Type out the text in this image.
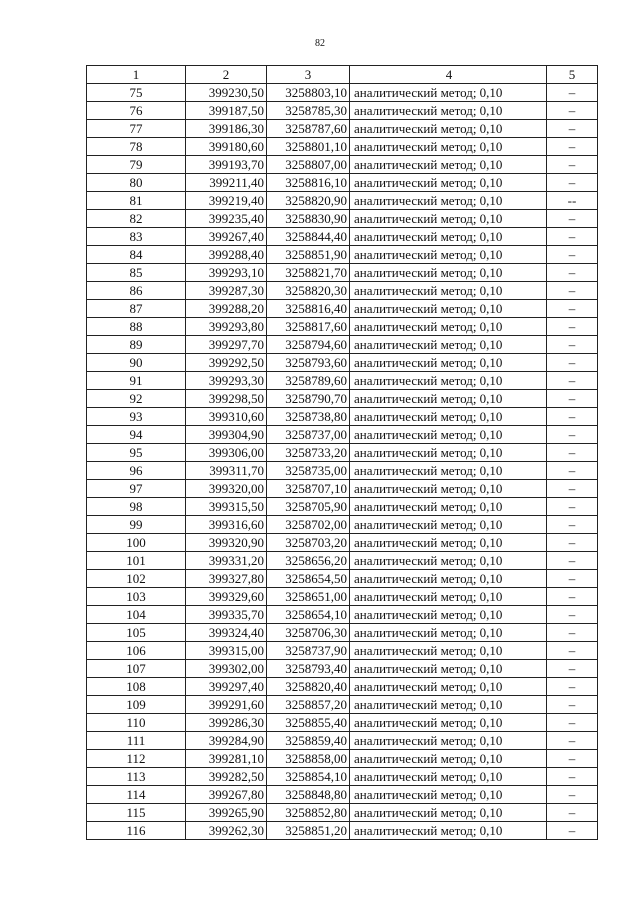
82
1	2	3	4	5
75	399230,50	3258803,10	аналитический метод; 0,10	–
76	399187,50	3258785,30	аналитический метод; 0,10	–
77	399186,30	3258787,60	аналитический метод; 0,10	–
78	399180,60	3258801,10	аналитический метод; 0,10	–
79	399193,70	3258807,00	аналитический метод; 0,10	–
80	399211,40	3258816,10	аналитический метод; 0,10	–
81	399219,40	3258820,90	аналитический метод; 0,10	--
82	399235,40	3258830,90	аналитический метод; 0,10	–
83	399267,40	3258844,40	аналитический метод; 0,10	–
84	399288,40	3258851,90	аналитический метод; 0,10	–
85	399293,10	3258821,70	аналитический метод; 0,10	–
86	399287,30	3258820,30	аналитический метод; 0,10	–
87	399288,20	3258816,40	аналитический метод; 0,10	–
88	399293,80	3258817,60	аналитический метод; 0,10	–
89	399297,70	3258794,60	аналитический метод; 0,10	–
90	399292,50	3258793,60	аналитический метод; 0,10	–
91	399293,30	3258789,60	аналитический метод; 0,10	–
92	399298,50	3258790,70	аналитический метод; 0,10	–
93	399310,60	3258738,80	аналитический метод; 0,10	–
94	399304,90	3258737,00	аналитический метод; 0,10	–
95	399306,00	3258733,20	аналитический метод; 0,10	–
96	399311,70	3258735,00	аналитический метод; 0,10	–
97	399320,00	3258707,10	аналитический метод; 0,10	–
98	399315,50	3258705,90	аналитический метод; 0,10	–
99	399316,60	3258702,00	аналитический метод; 0,10	–
100	399320,90	3258703,20	аналитический метод; 0,10	–
101	399331,20	3258656,20	аналитический метод; 0,10	–
102	399327,80	3258654,50	аналитический метод; 0,10	–
103	399329,60	3258651,00	аналитический метод; 0,10	–
104	399335,70	3258654,10	аналитический метод; 0,10	–
105	399324,40	3258706,30	аналитический метод; 0,10	–
106	399315,00	3258737,90	аналитический метод; 0,10	–
107	399302,00	3258793,40	аналитический метод; 0,10	–
108	399297,40	3258820,40	аналитический метод; 0,10	–
109	399291,60	3258857,20	аналитический метод; 0,10	–
110	399286,30	3258855,40	аналитический метод; 0,10	–
111	399284,90	3258859,40	аналитический метод; 0,10	–
112	399281,10	3258858,00	аналитический метод; 0,10	–
113	399282,50	3258854,10	аналитический метод; 0,10	–
114	399267,80	3258848,80	аналитический метод; 0,10	–
115	399265,90	3258852,80	аналитический метод; 0,10	–
116	399262,30	3258851,20	аналитический метод; 0,10	–
